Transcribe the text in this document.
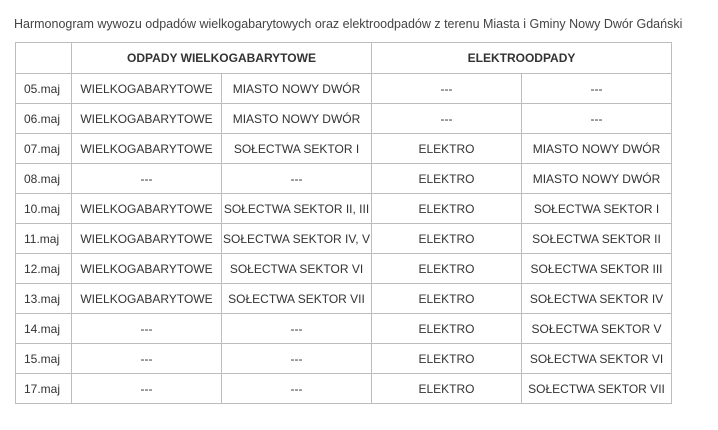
Harmonogram wywozu odpadów wielkogabarytowych oraz elektroodpadów z terenu Miasta i Gminy Nowy Dwór Gdański
	ODPADY WIELKOGABARYTOWE		ELEKTROODPADY	
05.maj	WIELKOGABARYTOWE	MIASTO NOWY DWÓR	---	---
06.maj	WIELKOGABARYTOWE	MIASTO NOWY DWÓR	---	---
07.maj	WIELKOGABARYTOWE	SOŁECTWA SEKTOR I	ELEKTRO	MIASTO NOWY DWÓR
08.maj	---	---	ELEKTRO	MIASTO NOWY DWÓR
10.maj	WIELKOGABARYTOWE	SOŁECTWA SEKTOR II, III	ELEKTRO	SOŁECTWA SEKTOR I
11.maj	WIELKOGABARYTOWE	SOŁECTWA SEKTOR IV, V	ELEKTRO	SOŁECTWA SEKTOR II
12.maj	WIELKOGABARYTOWE	SOŁECTWA SEKTOR VI	ELEKTRO	SOŁECTWA SEKTOR III
13.maj	WIELKOGABARYTOWE	SOŁECTWA SEKTOR VII	ELEKTRO	SOŁECTWA SEKTOR IV
14.maj	---	---	ELEKTRO	SOŁECTWA SEKTOR V
15.maj	---	---	ELEKTRO	SOŁECTWA SEKTOR VI
17.maj	---	---	ELEKTRO	SOŁECTWA SEKTOR VII
